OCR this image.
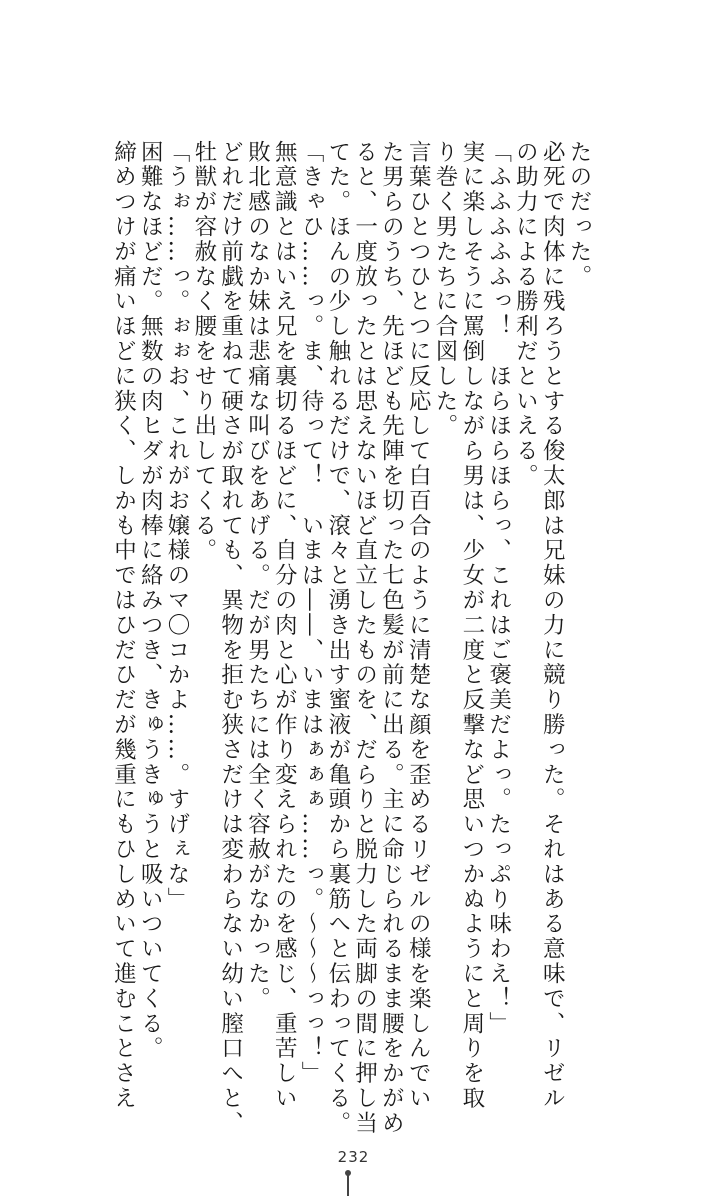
たのだった。

必死で肉体に残ろうとする俊太郎は兄妹の力に競り勝った。それはある意味で、リゼル

の助力による勝利だといえる。

「ふふふふふっ！　ほらほらほらっ、これはご褒美だよっ。たっぷり味わえ！」

実に楽しそうに罵倒しながら男は、少女が二度と反撃など思いつかぬようにと周りを取

り巻く男たちに合図した。

言葉ひとつひとつに反応して白百合のように清楚な顔を歪めるリゼルの様を楽しんでい

た男らのうち、先ほども先陣を切った七色髪が前に出る。主に命じられるまま腰をかがめ

ると、一度放ったとは思えないほど直立したものを、だらりと脱力した両脚の間に押し当

てた。ほんの少し触れるだけで、滾々と湧き出す蜜液が亀頭から裏筋へと伝わってくる。

「きゃひ……っ。ま、待って！　いまは――、いまはぁぁぁ……っ。〜〜〜っっ！」

無意識とはいえ兄を裏切るほどに、自分の肉と心が作り変えられたのを感じ、重苦しい

敗北感のなか妹は悲痛な叫びをあげる。だが男たちには全く容赦がなかった。

どれだけ前戯を重ねて硬さが取れても、異物を拒む狭さだけは変わらない幼い膣口へと、

牡獣が容赦なく腰をせり出してくる。

「うぉ……っ。ぉぉお、これがお嬢様のマ〇コかよ……。すげぇな」

困難なほどだ。無数の肉ヒダが肉棒に絡みつき、きゅうきゅうと吸いついてくる。

締めつけが痛いほどに狭く、しかも中ではひだひだが幾重にもひしめいて進むことさえ

232
